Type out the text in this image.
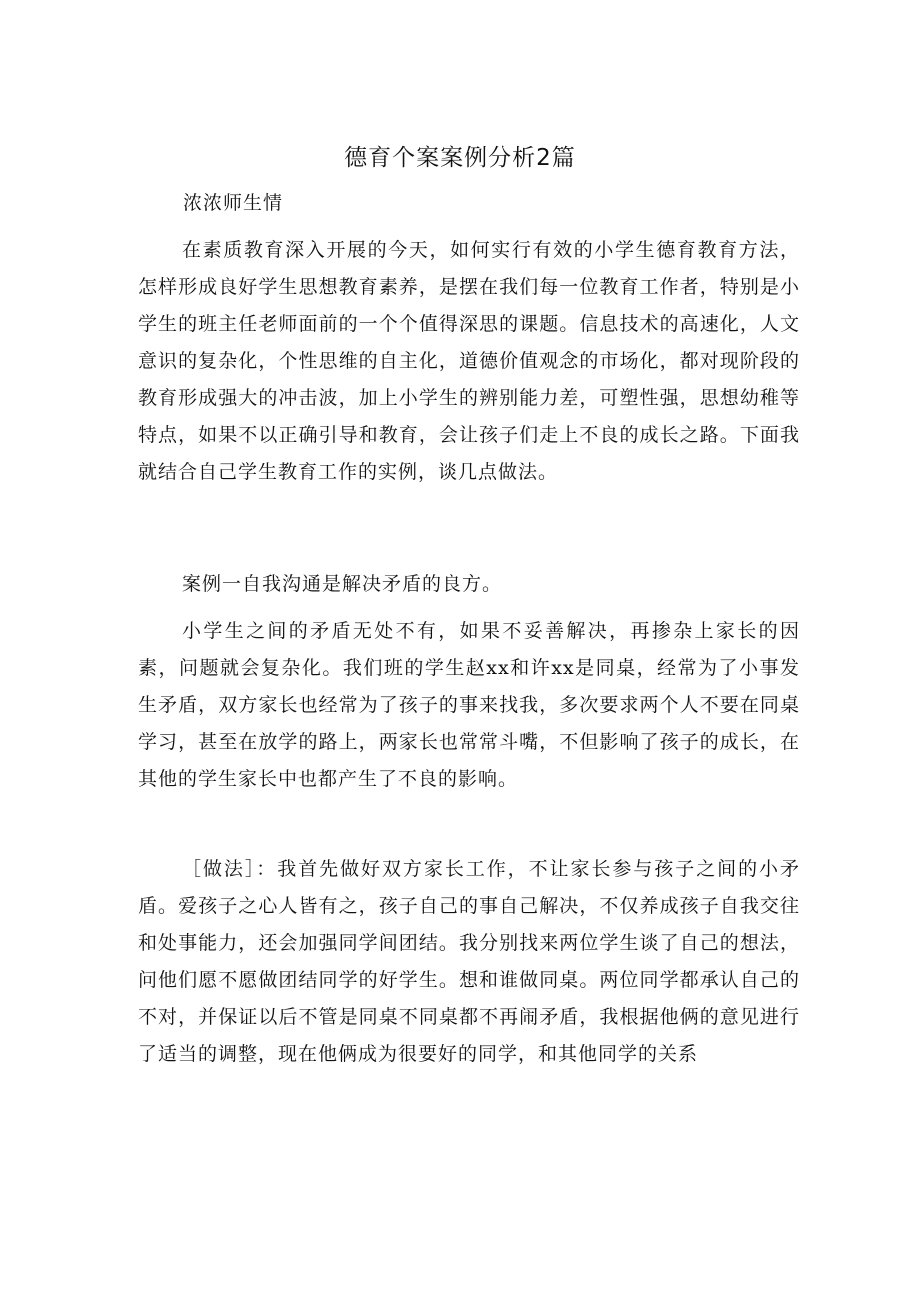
德育个案案例分析2篇
浓浓师生情

在素质教育深入开展的今天，如何实行有效的小学生德育教育方法，怎样形成良好学生思想教育素养，是摆在我们每一位教育工作者，特别是小学生的班主任老师面前的一个个值得深思的课题。信息技术的高速化，人文意识的复杂化，个性思维的自主化，道德价值观念的市场化，都对现阶段的教育形成强大的冲击波，加上小学生的辨别能力差，可塑性强，思想幼稚等特点，如果不以正确引导和教育，会让孩子们走上不良的成长之路。下面我就结合自己学生教育工作的实例，谈几点做法。

案例一自我沟通是解决矛盾的良方。

小学生之间的矛盾无处不有，如果不妥善解决，再掺杂上家长的因素，问题就会复杂化。我们班的学生赵xx和许xx是同桌，经常为了小事发生矛盾，双方家长也经常为了孩子的事来找我，多次要求两个人不要在同桌学习，甚至在放学的路上，两家长也常常斗嘴，不但影响了孩子的成长，在其他的学生家长中也都产生了不良的影响。

［做法］：我首先做好双方家长工作，不让家长参与孩子之间的小矛盾。爱孩子之心人皆有之，孩子自己的事自己解决，不仅养成孩子自我交往和处事能力，还会加强同学间团结。我分别找来两位学生谈了自己的想法，问他们愿不愿做团结同学的好学生。想和谁做同桌。两位同学都承认自己的不对，并保证以后不管是同桌不同桌都不再闹矛盾，我根据他俩的意见进行了适当的调整，现在他俩成为很要好的同学，和其他同学的关系
